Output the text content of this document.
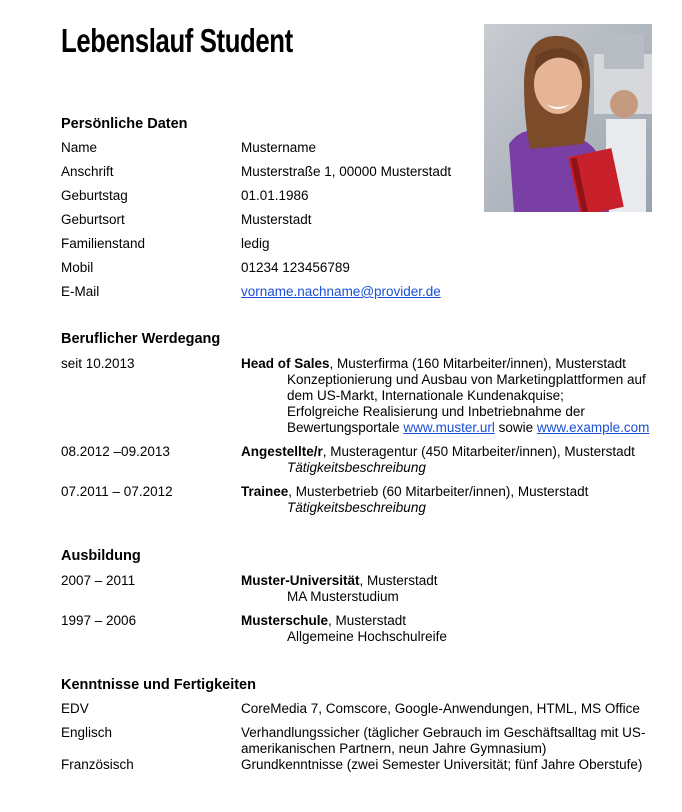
Lebenslauf Student
Persönliche Daten
Name	Mustername
Anschrift	Musterstraße 1, 00000 Musterstadt
Geburtstag	01.01.1986
Geburtsort	Musterstadt
Familienstand	ledig
Mobil	01234 123456789
E-Mail	vorname.nachname@provider.de
Beruflicher Werdegang
seit 10.2013	Head of Sales, Musterfirma (160 Mitarbeiter/innen), Musterstadt
Konzeptionierung und Ausbau von Marketingplattformen auf
dem US-Markt, Internationale Kundenakquise;
Erfolgreiche Realisierung und Inbetriebnahme der
Bewertungsportale www.muster.url sowie www.example.com
08.2012 –09.2013	Angestellte/r, Musteragentur (450 Mitarbeiter/innen), Musterstadt
Tätigkeitsbeschreibung
07.2011 – 07.2012	Trainee, Musterbetrieb (60 Mitarbeiter/innen), Musterstadt
Tätigkeitsbeschreibung
Ausbildung
2007 – 2011	Muster-Universität, Musterstadt
MA Musterstudium
1997 – 2006	Musterschule, Musterstadt
Allgemeine Hochschulreife
Kenntnisse und Fertigkeiten
EDV	CoreMedia 7, Comscore, Google-Anwendungen, HTML, MS Office
Englisch	Verhandlungssicher (täglicher Gebrauch im Geschäftsalltag mit US-
amerikanischen Partnern, neun Jahre Gymnasium)
Französisch	Grundkenntnisse (zwei Semester Universität; fünf Jahre Oberstufe)
